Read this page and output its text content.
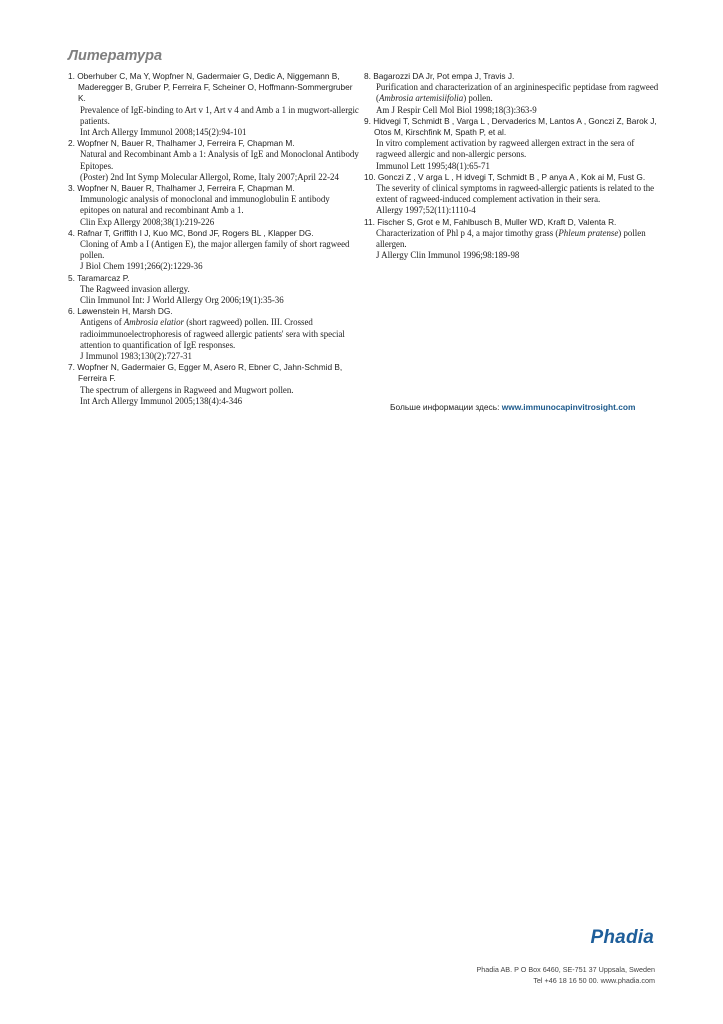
Литература
1. Oberhuber C, Ma Y, Wopfner N, Gadermaier G, Dedic A, Niggemann B, Maderegger B, Gruber P, Ferreira F, Scheiner O, Hoffmann-Sommergruber K.

Prevalence of IgE-binding to Art v 1, Art v 4 and Amb a 1 in mugwort-allergic patients.

Int Arch Allergy Immunol 2008;145(2):94-101

2. Wopfner N, Bauer R, Thalhamer J, Ferreira F, Chapman M.

Natural and Recombinant Amb a 1: Analysis of IgE and Monoclonal Antibody Epitopes.

(Poster) 2nd Int Symp Molecular Allergol, Rome, Italy 2007;April 22-24

3. Wopfner N, Bauer R, Thalhamer J, Ferreira F, Chapman M.

Immunologic analysis of monoclonal and immunoglobulin E antibody epitopes on natural and recombinant Amb a 1.

Clin Exp Allergy 2008;38(1):219-226

4. Rafnar T, Griffith I J, Kuo MC, Bond JF, Rogers BL , Klapper DG.

Cloning of Amb a I (Antigen E), the major allergen family of short ragweed pollen.

J Biol Chem 1991;266(2):1229-36

5. Taramarcaz P.

The Ragweed invasion allergy.

Clin Immunol Int: J World Allergy Org 2006;19(1):35-36

6. Løwenstein H, Marsh DG.

Antigens of Ambrosia elatior (short ragweed) pollen. III. Crossed radioimmunoelectrophoresis of ragweed allergic patients' sera with special attention to quantification of IgE responses.

J Immunol 1983;130(2):727-31

7. Wopfner N, Gadermaier G, Egger M, Asero R, Ebner C, Jahn-Schmid B, Ferreira F.

The spectrum of allergens in Ragweed and Mugwort pollen.

Int Arch Allergy Immunol 2005;138(4):4-346

8. Bagarozzi DA Jr, Pot empa J, Travis J.

Purification and characterization of an argininespecific peptidase from ragweed (Ambrosia artemisiifolia) pollen.

Am J Respir Cell Mol Biol 1998;18(3):363-9

9. Hidvegi T, Schmidt B , Varga L , Dervaderics M, Lantos A , Gonczi Z, Barok J, Otos M, Kirschfink M, Spath P, et al.

In vitro complement activation by ragweed allergen extract in the sera of ragweed allergic and non-allergic persons.

Immunol Lett 1995;48(1):65-71

10. Gonczi Z , V arga L , H idvegi T, Schmidt B , P anya A , Kok ai M, Fust G.

The severity of clinical symptoms in ragweed-allergic patients is related to the extent of ragweed-induced complement activation in their sera.

Allergy 1997;52(11):1110-4

11. Fischer S, Grot e M, Fahlbusch B, Muller WD, Kraft D, Valenta R.

Characterization of Phl p 4, a major timothy grass (Phleum pratense) pollen allergen.

J Allergy Clin Immunol 1996;98:189-98

Больше информации здесь: www.immunocapinvitrosight.com
Phadia
Phadia AB. P O Box 6460, SE-751 37 Uppsala, Sweden
Tel +46 18 16 50 00. www.phadia.com
